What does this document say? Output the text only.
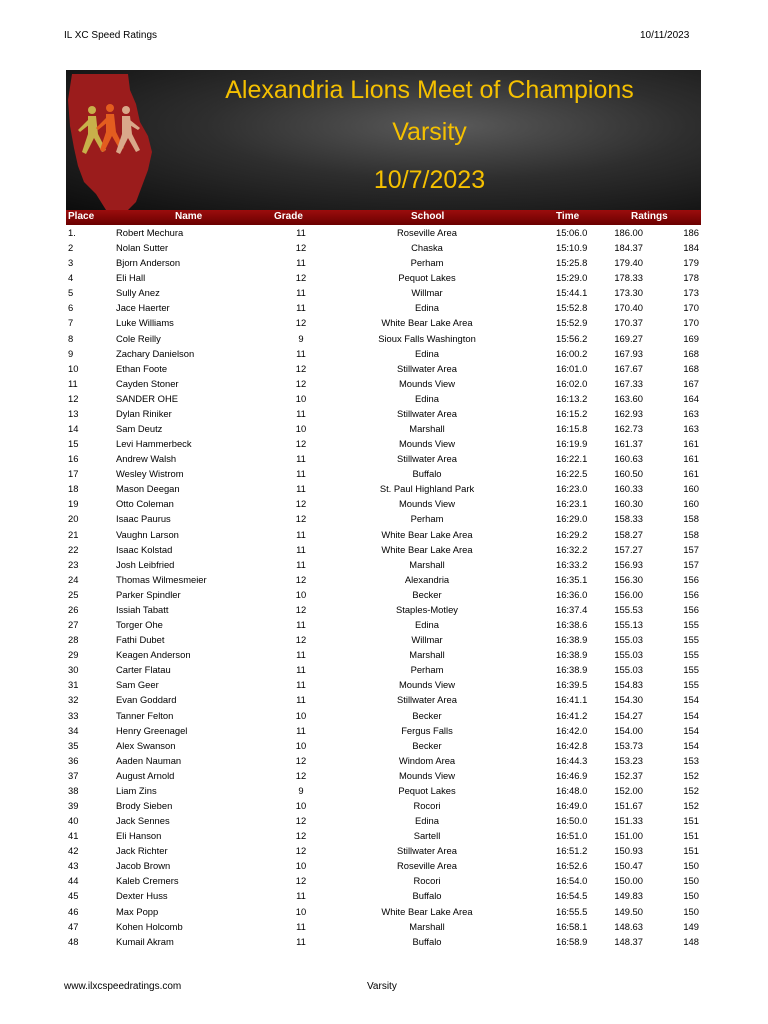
IL XC Speed Ratings	10/11/2023
Alexandria Lions Meet of Champions
Varsity
10/7/2023
Place	Name	Grade	School	Time	Ratings
1.	Robert Mechura	11	Roseville Area	15:06.0	186.00	186
2	Nolan Sutter	12	Chaska	15:10.9	184.37	184
3	Bjorn Anderson	11	Perham	15:25.8	179.40	179
4	Eli Hall	12	Pequot Lakes	15:29.0	178.33	178
5	Sully Anez	11	Willmar	15:44.1	173.30	173
6	Jace Haerter	11	Edina	15:52.8	170.40	170
7	Luke Williams	12	White Bear Lake Area	15:52.9	170.37	170
8	Cole Reilly	9	Sioux Falls Washington	15:56.2	169.27	169
9	Zachary Danielson	11	Edina	16:00.2	167.93	168
10	Ethan Foote	12	Stillwater Area	16:01.0	167.67	168
11	Cayden Stoner	12	Mounds View	16:02.0	167.33	167
12	SANDER OHE	10	Edina	16:13.2	163.60	164
13	Dylan Riniker	11	Stillwater Area	16:15.2	162.93	163
14	Sam Deutz	10	Marshall	16:15.8	162.73	163
15	Levi Hammerbeck	12	Mounds View	16:19.9	161.37	161
16	Andrew Walsh	11	Stillwater Area	16:22.1	160.63	161
17	Wesley Wistrom	11	Buffalo	16:22.5	160.50	161
18	Mason Deegan	11	St. Paul Highland Park	16:23.0	160.33	160
19	Otto Coleman	12	Mounds View	16:23.1	160.30	160
20	Isaac Paurus	12	Perham	16:29.0	158.33	158
21	Vaughn Larson	11	White Bear Lake Area	16:29.2	158.27	158
22	Isaac Kolstad	11	White Bear Lake Area	16:32.2	157.27	157
23	Josh Leibfried	11	Marshall	16:33.2	156.93	157
24	Thomas Wilmesmeier	12	Alexandria	16:35.1	156.30	156
25	Parker Spindler	10	Becker	16:36.0	156.00	156
26	Issiah Tabatt	12	Staples-Motley	16:37.4	155.53	156
27	Torger Ohe	11	Edina	16:38.6	155.13	155
28	Fathi Dubet	12	Willmar	16:38.9	155.03	155
29	Keagen Anderson	11	Marshall	16:38.9	155.03	155
30	Carter Flatau	11	Perham	16:38.9	155.03	155
31	Sam Geer	11	Mounds View	16:39.5	154.83	155
32	Evan Goddard	11	Stillwater Area	16:41.1	154.30	154
33	Tanner Felton	10	Becker	16:41.2	154.27	154
34	Henry Greenagel	11	Fergus Falls	16:42.0	154.00	154
35	Alex Swanson	10	Becker	16:42.8	153.73	154
36	Aaden Nauman	12	Windom Area	16:44.3	153.23	153
37	August Arnold	12	Mounds View	16:46.9	152.37	152
38	Liam Zins	9	Pequot Lakes	16:48.0	152.00	152
39	Brody Sieben	10	Rocori	16:49.0	151.67	152
40	Jack Sennes	12	Edina	16:50.0	151.33	151
41	Eli Hanson	12	Sartell	16:51.0	151.00	151
42	Jack Richter	12	Stillwater Area	16:51.2	150.93	151
43	Jacob Brown	10	Roseville Area	16:52.6	150.47	150
44	Kaleb Cremers	12	Rocori	16:54.0	150.00	150
45	Dexter Huss	11	Buffalo	16:54.5	149.83	150
46	Max Popp	10	White Bear Lake Area	16:55.5	149.50	150
47	Kohen Holcomb	11	Marshall	16:58.1	148.63	149
48	Kumail Akram	11	Buffalo	16:58.9	148.37	148
www.ilxcspeedratings.com	Varsity
